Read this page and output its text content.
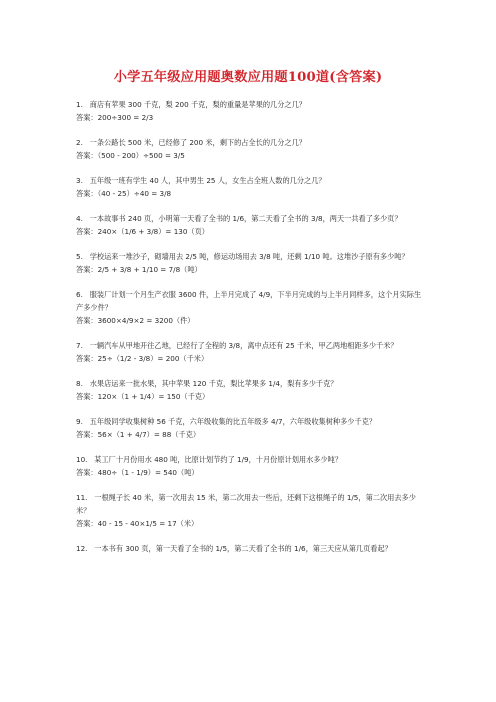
小学五年级应用题奥数应用题100道(含答案)
1.   商店有苹果 300 千克，梨 200 千克，梨的重量是苹果的几分之几？
答案：200÷300 = 2/3
2.   一条公路长 500 米，已经修了 200 米，剩下的占全长的几分之几？
答案：（500 - 200）÷500 = 3/5
3.   五年级一班有学生 40 人，其中男生 25 人，女生占全班人数的几分之几？
答案：（40 - 25）÷40 = 3/8
4.   一本故事书 240 页，小明第一天看了全书的 1/6，第二天看了全书的 3/8，两天一共看了多少页？
答案：240×（1/6 + 3/8）= 130（页）
5.   学校运来一堆沙子，砌墙用去 2/5 吨，修运动场用去 3/8 吨，还剩 1/10 吨。这堆沙子原有多少吨？
答案：2/5 + 3/8 + 1/10 = 7/8（吨）
6.   服装厂计划一个月生产衣服 3600 件，上半月完成了 4/9，下半月完成的与上半月同样多，这个月实际生产多少件？
答案：3600×4/9×2 = 3200（件）
7.   一辆汽车从甲地开往乙地，已经行了全程的 3/8，离中点还有 25 千米，甲乙两地相距多少千米？
答案：25÷（1/2 - 3/8）= 200（千米）
8.   水果店运来一批水果，其中苹果 120 千克，梨比苹果多 1/4，梨有多少千克？
答案：120×（1 + 1/4）= 150（千克）
9.   五年级同学收集树种 56 千克，六年级收集的比五年级多 4/7，六年级收集树种多少千克？
答案：56×（1 + 4/7）= 88（千克）
10.   某工厂十月份用水 480 吨，比原计划节约了 1/9，十月份原计划用水多少吨？
答案：480÷（1 - 1/9）= 540（吨）
11.   一根绳子长 40 米，第一次用去 15 米，第二次用去一些后，还剩下这根绳子的 1/5，第二次用去多少米？
答案：40 - 15 - 40×1/5 = 17（米）
12.   一本书有 300 页，第一天看了全书的 1/5，第二天看了全书的 1/6，第三天应从第几页看起？
